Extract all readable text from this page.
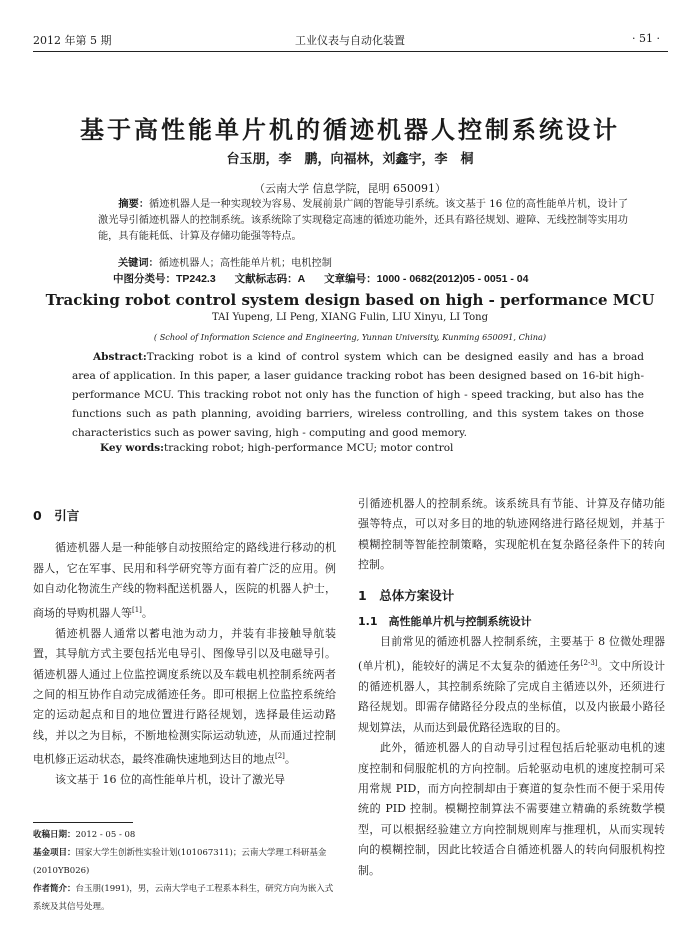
2012 年第 5 期	工业仪表与自动化装置	· 51 ·
基于高性能单片机的循迹机器人控制系统设计
台玉朋，李　鹏，向福林，刘鑫宇，李　桐
（云南大学 信息学院，昆明 650091）
摘要：循迹机器人是一种实现较为容易、发展前景广阔的智能导引系统。该文基于 16 位的高性能单片机，设计了激光导引循迹机器人的控制系统。该系统除了实现稳定高速的循迹功能外，还具有路径规划、避障、无线控制等实用功能，具有能耗低、计算及存储功能强等特点。
关键词：循迹机器人；高性能单片机；电机控制
中图分类号：TP242.3 文献标志码：A 文章编号：1000 - 0682(2012)05 - 0051 - 04
Tracking robot control system design based on high - performance MCU
TAI Yupeng, LI Peng, XIANG Fulin, LIU Xinyu, LI Tong
( School of Information Science and Engineering, Yunnan University, Kunming 650091, China)
Abstract:Tracking robot is a kind of control system which can be designed easily and has a broad area of application. In this paper, a laser guidance tracking robot has been designed based on 16-bit high-performance MCU. This tracking robot not only has the function of high - speed tracking, but also has the functions such as path planning, avoiding barriers, wireless controlling, and this system takes on those characteristics such as power saving, high - computing and good memory.
Key words:tracking robot; high-performance MCU; motor control
0　引言

循迹机器人是一种能够自动按照给定的路线进行移动的机器人，它在军事、民用和科学研究等方面有着广泛的应用。例如自动化物流生产线的物料配送机器人，医院的机器人护士，商场的导购机器人等[1]。

循迹机器人通常以蓄电池为动力，并装有非接触导航装置，其导航方式主要包括光电导引、图像导引以及电磁导引。循迹机器人通过上位监控调度系统以及车载电机控制系统两者之间的相互协作自动完成循迹任务。即可根据上位监控系统给定的运动起点和目的地位置进行路径规划，选择最佳运动路线，并以之为目标，不断地检测实际运动轨迹，从而通过控制电机修正运动状态，最终准确快速地到达目的地点[2]。

该文基于 16 位的高性能单片机，设计了激光导

收稿日期：2012 - 05 - 08
基金项目：国家大学生创新性实验计划(101067311)；云南大学理工科研基金(2010YB026)
作者简介：台玉朋(1991)，男，云南大学电子工程系本科生，研究方向为嵌入式系统及其信号处理。

引循迹机器人的控制系统。该系统具有节能、计算及存储功能强等特点，可以对多目的地的轨迹网络进行路径规划，并基于模糊控制等智能控制策略，实现舵机在复杂路径条件下的转向控制。

1　总体方案设计
1.1　高性能单片机与控制系统设计

目前常见的循迹机器人控制系统，主要基于 8 位微处理器(单片机)，能较好的满足不太复杂的循迹任务[2-3]。文中所设计的循迹机器人，其控制系统除了完成自主循迹以外，还须进行路径规划。即需存储路径分段点的坐标值，以及内嵌最小路径规划算法，从而达到最优路径选取的目的。

此外，循迹机器人的自动导引过程包括后轮驱动电机的速度控制和伺服舵机的方向控制。后轮驱动电机的速度控制可采用常规 PID，而方向控制却由于赛道的复杂性而不便于采用传统的 PID 控制。模糊控制算法不需要建立精确的系统数学模型，可以根据经验建立方向控制规则库与推理机，从而实现转向的模糊控制，因此比较适合自循迹机器人的转向伺服机构控制。
